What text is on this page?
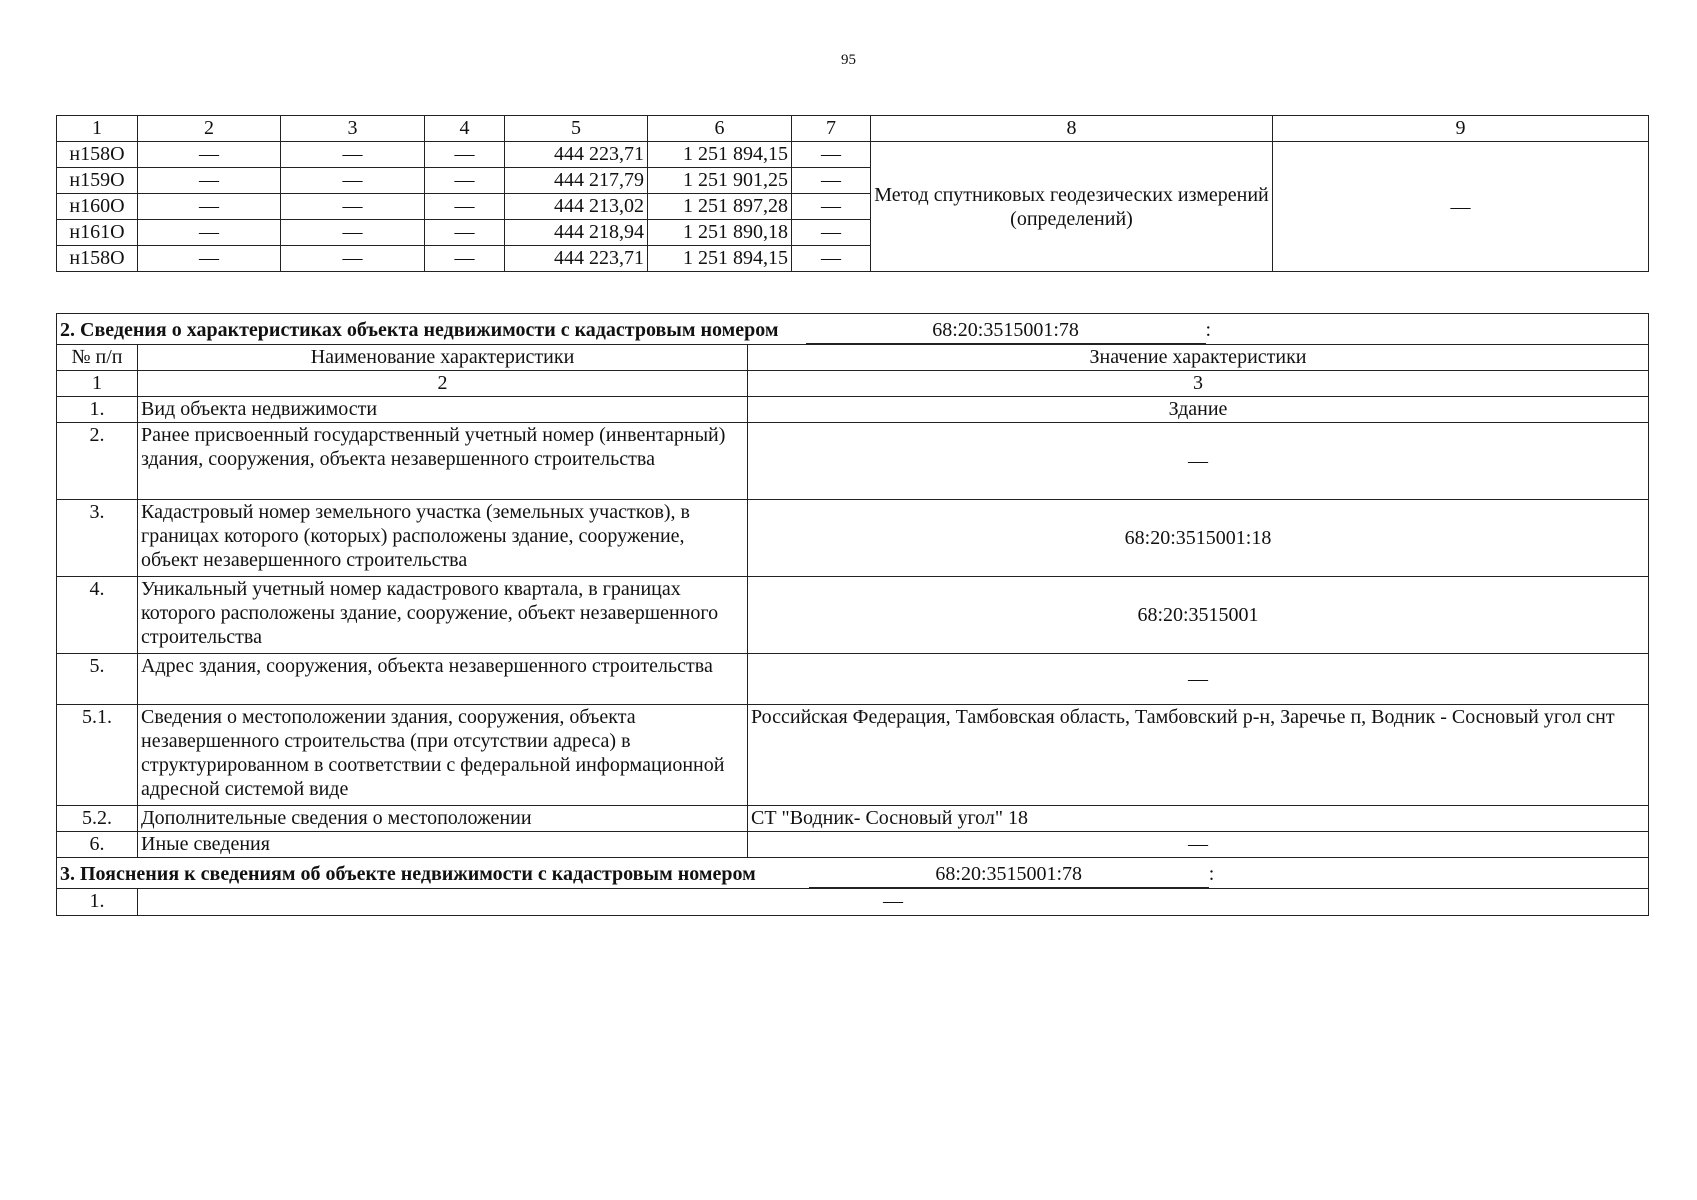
95
1	2	3	4	5	6	7	8	9
н158О	—	—	—	444 223,71	1 251 894,15	—	Метод спутниковых геодезических измерений (определений)	—
н159О	—	—	—	444 217,79	1 251 901,25	—		
н160О	—	—	—	444 213,02	1 251 897,28	—		
н161О	—	—	—	444 218,94	1 251 890,18	—		
н158О	—	—	—	444 223,71	1 251 894,15	—		
2. Сведения о характеристиках объекта недвижимости с кадастровым номером 68:20:3515001:78 :		
№ п/п	Наименование характеристики	Значение характеристики
1	2	3
1.	Вид объекта недвижимости	Здание
2.	Ранее присвоенный государственный учетный номер (инвентарный) здания, сооружения, объекта незавершенного строительства	—
3.	Кадастровый номер земельного участка (земельных участков), в границах которого (которых) расположены здание, сооружение, объект незавершенного строительства	68:20:3515001:18
4.	Уникальный учетный номер кадастрового квартала, в границах которого расположены здание, сооружение, объект незавершенного строительства	68:20:3515001
5.	Адрес здания, сооружения, объекта незавершенного строительства	—
5.1.	Сведения о местоположении здания, сооружения, объекта незавершенного строительства (при отсутствии адреса) в структурированном в соответствии с федеральной информационной адресной системой виде	Российская Федерация, Тамбовская область, Тамбовский р-н, Заречье п, Водник - Сосновый угол снт
5.2.	Дополнительные сведения о местоположении	СТ "Водник- Сосновый угол" 18
6.	Иные сведения	—
3. Пояснения к сведениям об объекте недвижимости с кадастровым номером 68:20:3515001:78 :		
1.	—	
